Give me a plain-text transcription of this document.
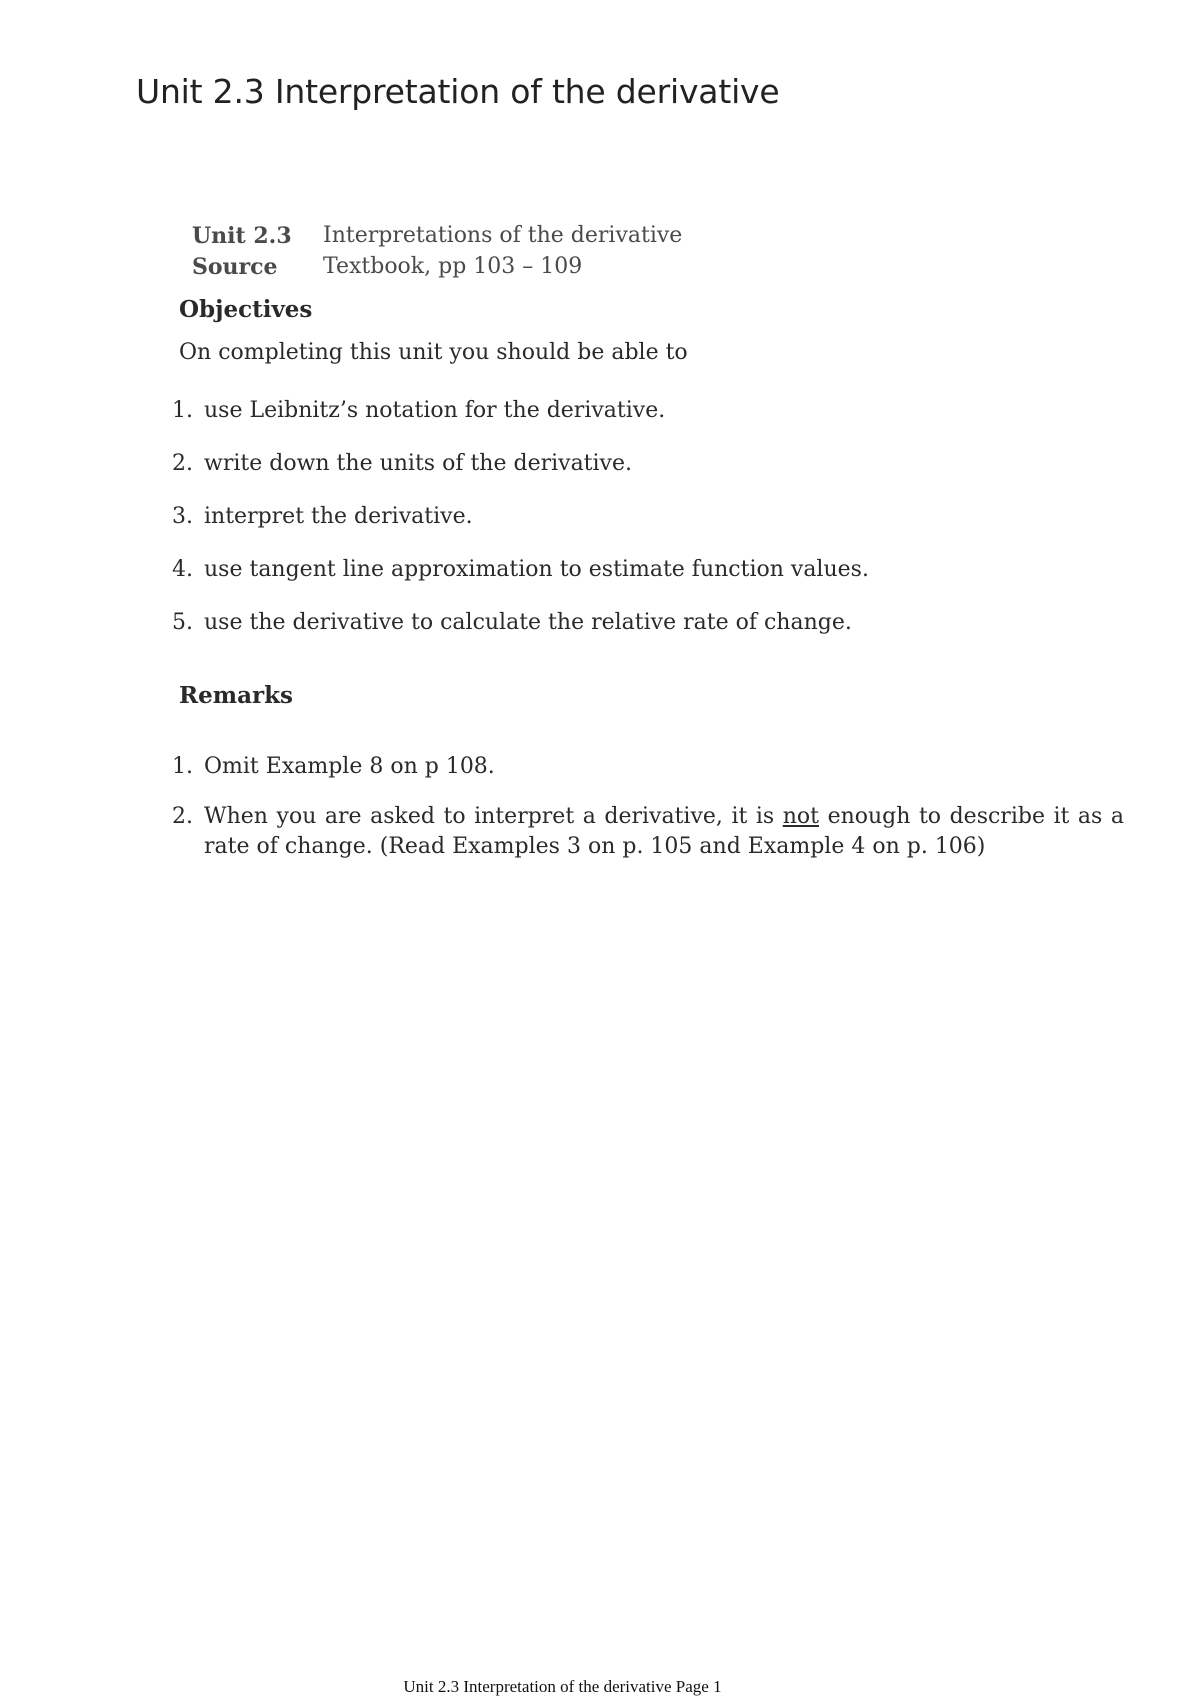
Unit 2.3 Interpretation of the derivative
Unit 2.3	Interpretations of the derivative
Source	Textbook, pp 103 – 109
Objectives
On completing this unit you should be able to
1. use Leibnitz’s notation for the derivative.
2. write down the units of the derivative.
3. interpret the derivative.
4. use tangent line approximation to estimate function values.
5. use the derivative to calculate the relative rate of change.
Remarks
1. Omit Example 8 on p 108.
2. When you are asked to interpret a derivative, it is not enough to describe it as a rate of change. (Read Examples 3 on p. 105 and Example 4 on p. 106)
Unit 2.3 Interpretation of the derivative Page 1
